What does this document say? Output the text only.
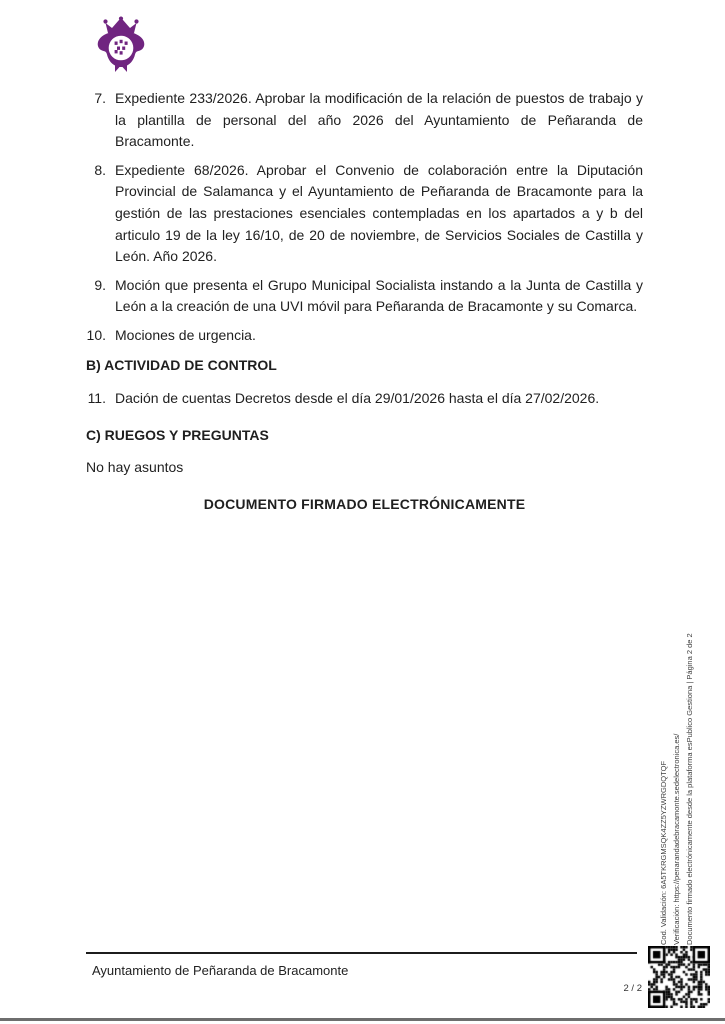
7. Expediente 233/2026. Aprobar la modificación de la relación de puestos de trabajo y la plantilla de personal del año 2026 del Ayuntamiento de Peñaranda de Bracamonte.
8. Expediente 68/2026. Aprobar el Convenio de colaboración entre la Diputación Provincial de Salamanca y el Ayuntamiento de Peñaranda de Bracamonte para la gestión de las prestaciones esenciales contempladas en los apartados a y b del articulo 19 de la ley 16/10, de 20 de noviembre, de Servicios Sociales de Castilla y León. Año 2026.
9. Moción que presenta el Grupo Municipal Socialista instando a la Junta de Castilla y León a la creación de una UVI móvil para Peñaranda de Bracamonte y su Comarca.
10. Mociones de urgencia.
B) ACTIVIDAD DE CONTROL
11. Dación de cuentas Decretos desde el día 29/01/2026 hasta el día 27/02/2026.
C) RUEGOS Y PREGUNTAS
No hay asuntos
DOCUMENTO FIRMADO ELECTRÓNICAMENTE
Cod. Validación: 6A5TKRGMSQK4ZZ5YZWRGDQTQF Verificación: https://penarandadebracamonte.sedelectronica.es/ Documento firmado electrónicamente desde la plataforma esPublico Gestiona | Página 2 de 2
Ayuntamiento de Peñaranda de Bracamonte
2 / 2
